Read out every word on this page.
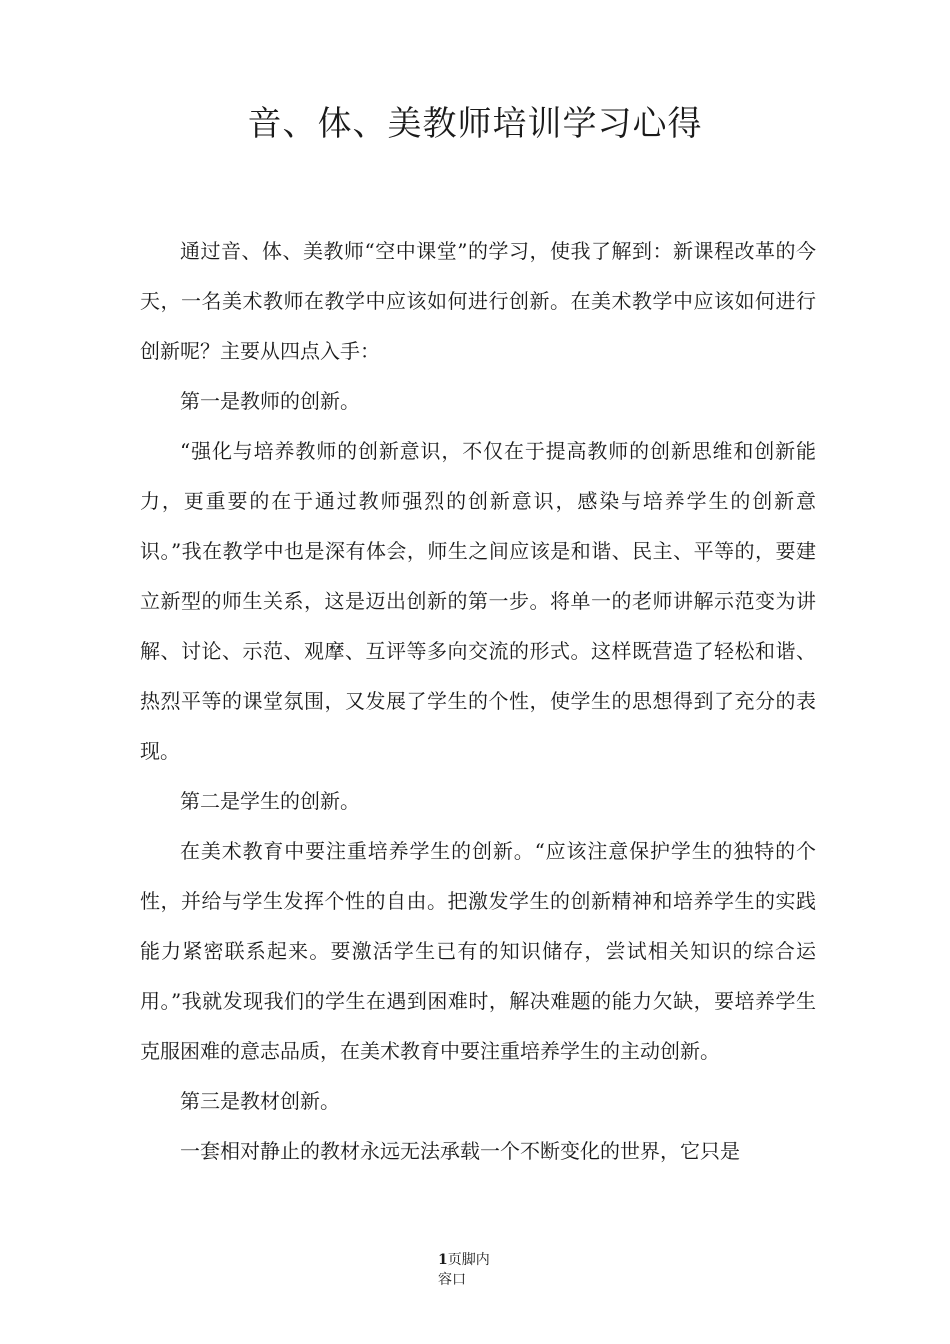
音、体、美教师培训学习心得

通过音、体、美教师“空中课堂”的学习，使我了解到：新课程改革的今天，一名美术教师在教学中应该如何进行创新。在美术教学中应该如何进行创新呢？主要从四点入手：

第一是教师的创新。

“强化与培养教师的创新意识，不仅在于提高教师的创新思维和创新能力，更重要的在于通过教师强烈的创新意识，感染与培养学生的创新意识。”我在教学中也是深有体会，师生之间应该是和谐、民主、平等的，要建立新型的师生关系，这是迈出创新的第一步。将单一的老师讲解示范变为讲解、讨论、示范、观摩、互评等多向交流的形式。这样既营造了轻松和谐、热烈平等的课堂氛围，又发展了学生的个性，使学生的思想得到了充分的表现。

第二是学生的创新。

在美术教育中要注重培养学生的创新。“应该注意保护学生的独特的个性，并给与学生发挥个性的自由。把激发学生的创新精神和培养学生的实践能力紧密联系起来。要激活学生已有的知识储存，尝试相关知识的综合运用。”我就发现我们的学生在遇到困难时，解决难题的能力欠缺，要培养学生克服困难的意志品质，在美术教育中要注重培养学生的主动创新。

第三是教材创新。

一套相对静止的教材永远无法承载一个不断变化的世界，它只是

1页脚内
容口
